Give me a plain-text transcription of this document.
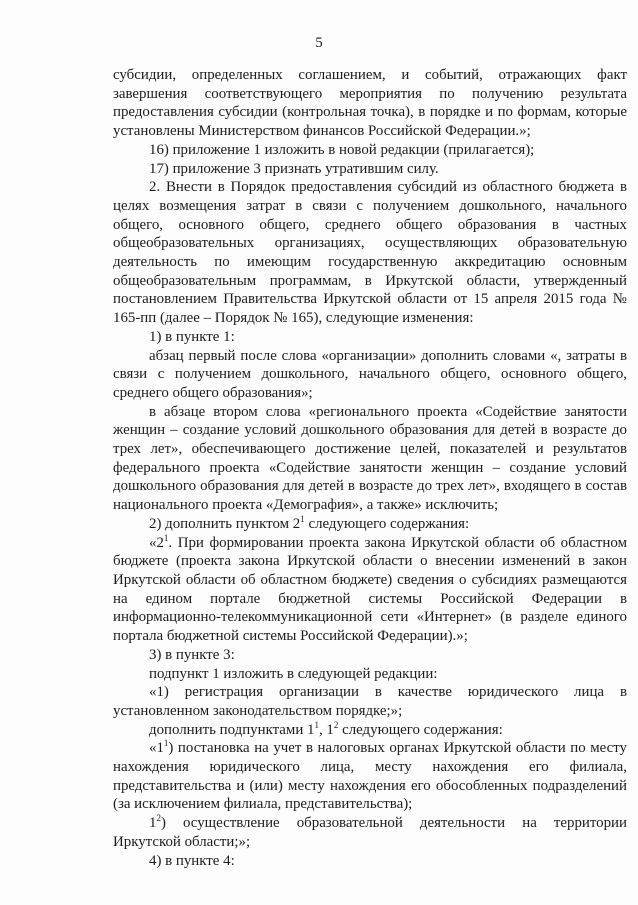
5

субсидии, определенных соглашением, и событий, отражающих факт завершения соответствующего мероприятия по получению результата предоставления субсидии (контрольная точка), в порядке и по формам, которые установлены Министерством финансов Российской Федерации.»;

16) приложение 1 изложить в новой редакции (прилагается);

17) приложение 3 признать утратившим силу.

2. Внести в Порядок предоставления субсидий из областного бюджета в целях возмещения затрат в связи с получением дошкольного, начального общего, основного общего, среднего общего образования в частных общеобразовательных организациях, осуществляющих образовательную деятельность по имеющим государственную аккредитацию основным общеобразовательным программам, в Иркутской области, утвержденный постановлением Правительства Иркутской области от 15 апреля 2015 года № 165-пп (далее – Порядок № 165), следующие изменения:

1) в пункте 1:

абзац первый после слова «организации» дополнить словами «, затраты в связи с получением дошкольного, начального общего, основного общего, среднего общего образования»;

в абзаце втором слова «регионального проекта «Содействие занятости женщин – создание условий дошкольного образования для детей в возрасте до трех лет», обеспечивающего достижение целей, показателей и результатов федерального проекта «Содействие занятости женщин – создание условий дошкольного образования для детей в возрасте до трех лет», входящего в состав национального проекта «Демография», а также» исключить;

2) дополнить пунктом $2^1$ следующего содержания:

«$2^1$. При формировании проекта закона Иркутской области об областном бюджете (проекта закона Иркутской области о внесении изменений в закон Иркутской области об областном бюджете) сведения о субсидиях размещаются на едином портале бюджетной системы Российской Федерации в информационно-телекоммуникационной сети «Интернет» (в разделе единого портала бюджетной системы Российской Федерации).»;

3) в пункте 3:

подпункт 1 изложить в следующей редакции:

«1) регистрация организации в качестве юридического лица в установленном законодательством порядке;»;

дополнить подпунктами $1^1$, $1^2$ следующего содержания:

«$1^1$) постановка на учет в налоговых органах Иркутской области по месту нахождения юридического лица, месту нахождения его филиала, представительства и (или) месту нахождения его обособленных подразделений (за исключением филиала, представительства);

$1^2$) осуществление образовательной деятельности на территории Иркутской области;»;

4) в пункте 4:
